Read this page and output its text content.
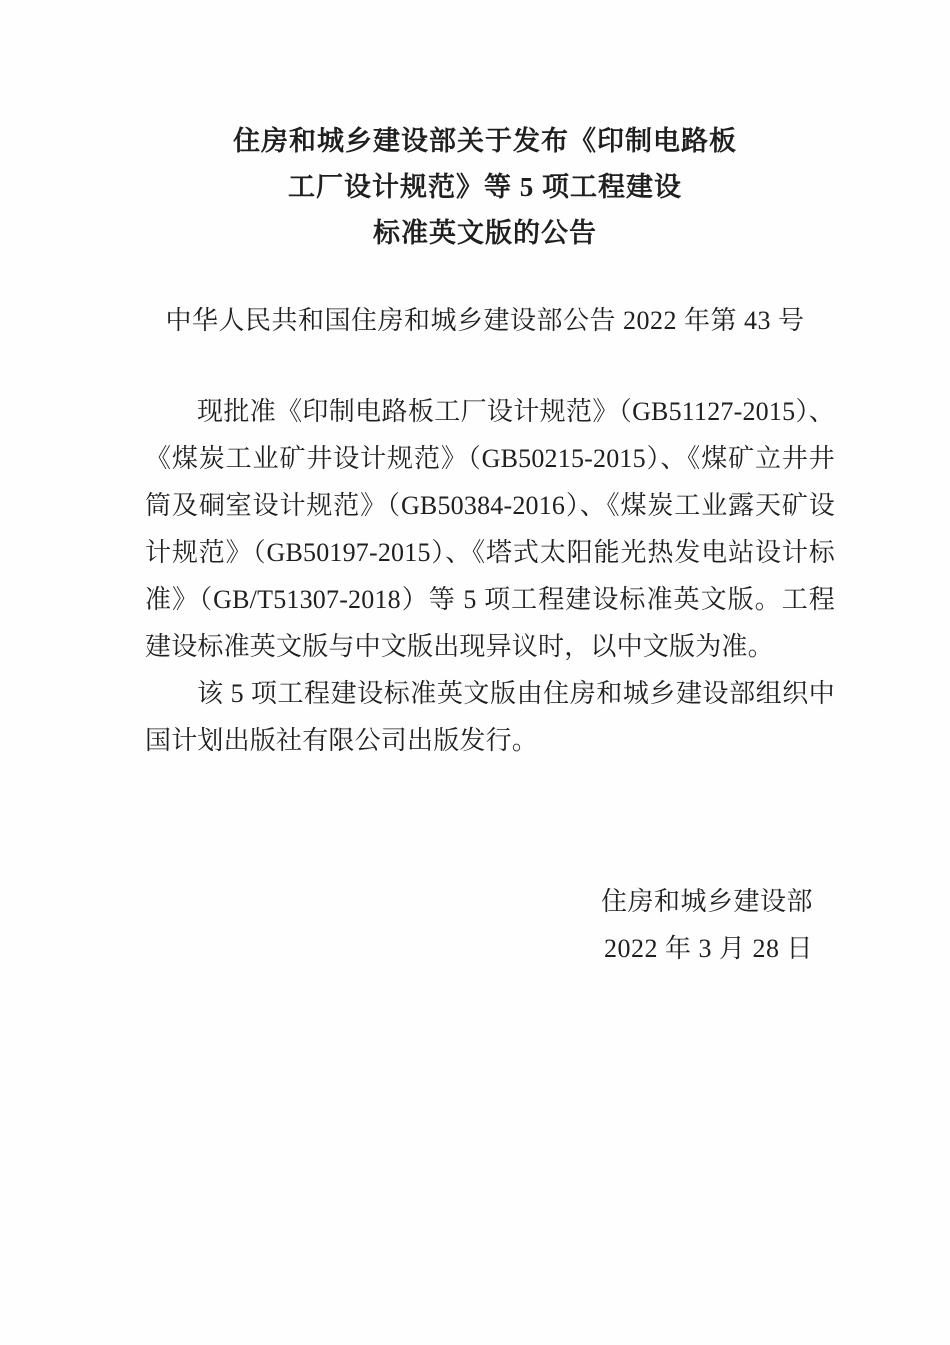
住房和城乡建设部关于发布《印制电路板
工厂设计规范》等 5 项工程建设
标准英文版的公告
中华人民共和国住房和城乡建设部公告 2022 年第 43 号

现批准《印制电路板工厂设计规范》（GB51127-2015）、《煤炭工业矿井设计规范》（GB50215-2015）、《煤矿立井井筒及硐室设计规范》（GB50384-2016）、《煤炭工业露天矿设计规范》（GB50197-2015）、《塔式太阳能光热发电站设计标准》（GB/T51307-2018）等 5 项工程建设标准英文版。工程建设标准英文版与中文版出现异议时，以中文版为准。

该 5 项工程建设标准英文版由住房和城乡建设部组织中国计划出版社有限公司出版发行。

住房和城乡建设部
2022 年 3 月 28 日
